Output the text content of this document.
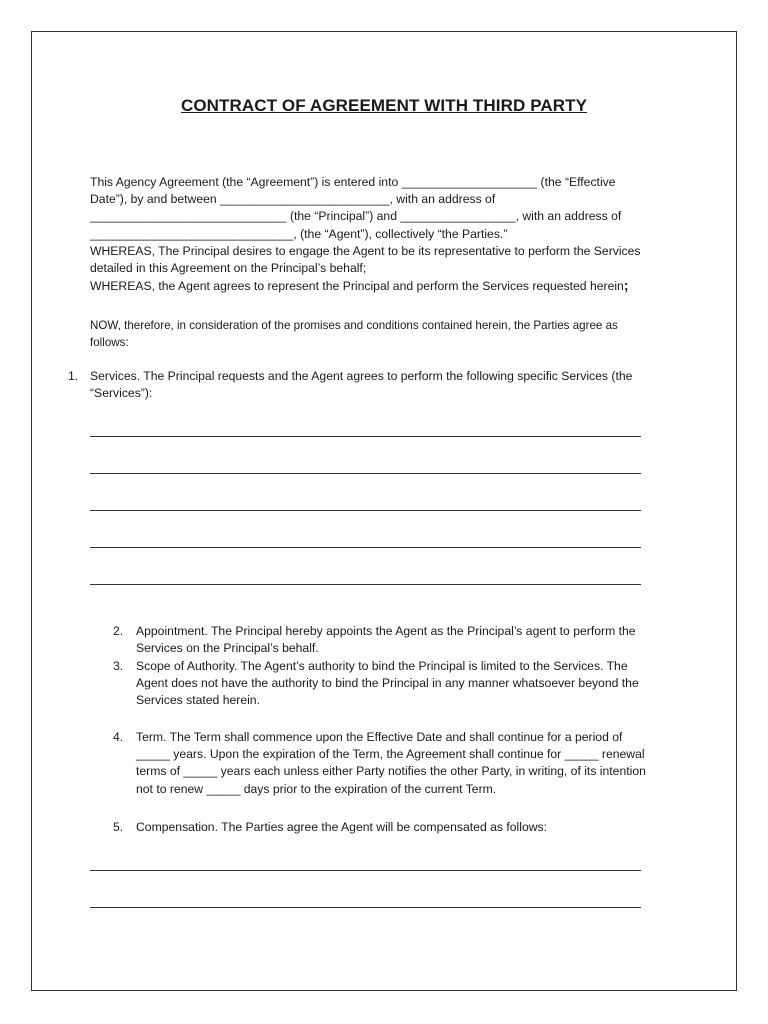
CONTRACT OF AGREEMENT WITH THIRD PARTY

This Agency Agreement (the “Agreement”) is entered into ____________________ (the “Effective
Date”), by and between _________________________, with an address of
_____________________________ (the “Principal”) and _________________, with an address of
______________________________, (the “Agent”), collectively “the Parties.”
WHEREAS, The Principal desires to engage the Agent to be its representative to perform the Services
detailed in this Agreement on the Principal’s behalf;
WHEREAS, the Agent agrees to represent the Principal and perform the Services requested herein;

NOW, therefore, in consideration of the promises and conditions contained herein, the Parties agree as
follows:

1. Services. The Principal requests and the Agent agrees to perform the following specific Services (the
“Services”):

2. Appointment. The Principal hereby appoints the Agent as the Principal’s agent to perform the
Services on the Principal’s behalf.

3. Scope of Authority. The Agent’s authority to bind the Principal is limited to the Services. The
Agent does not have the authority to bind the Principal in any manner whatsoever beyond the
Services stated herein.

4. Term. The Term shall commence upon the Effective Date and shall continue for a period of
_____ years. Upon the expiration of the Term, the Agreement shall continue for _____ renewal
terms of _____ years each unless either Party notifies the other Party, in writing, of its intention
not to renew _____ days prior to the expiration of the current Term.

5. Compensation. The Parties agree the Agent will be compensated as follows:
